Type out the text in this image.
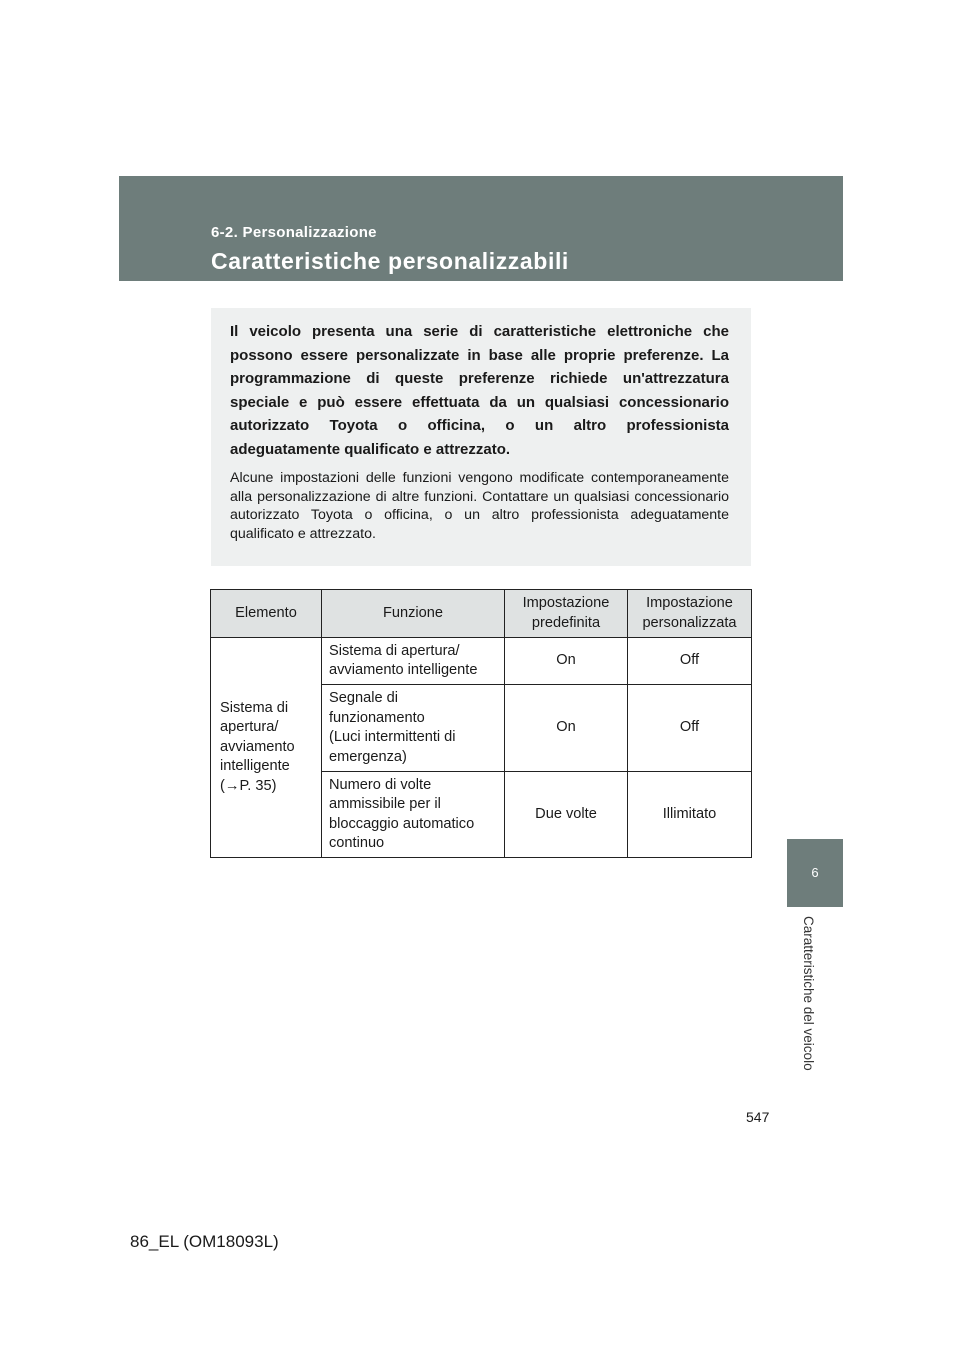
6-2. Personalizzazione
Caratteristiche personalizzabili

Il veicolo presenta una serie di caratteristiche elettroniche che possono essere personalizzate in base alle proprie preferenze. La programmazione di queste preferenze richiede un'attrezzatura speciale e può essere effettuata da un qualsiasi concessionario autorizzato Toyota o officina, o un altro professionista adeguatamente qualificato e attrezzato.

Alcune impostazioni delle funzioni vengono modificate contemporaneamente alla personalizzazione di altre funzioni. Contattare un qualsiasi concessionario autorizzato Toyota o officina, o un altro professionista adeguatamente qualificato e attrezzato.

Elemento	Funzione	Impostazione predefinita	Impostazione personalizzata
Sistema di
apertura/
avviamento
intelligente
(→P. 35)	Sistema di apertura/
avviamento intelligente	On	Off
	Segnale di
funzionamento
(Luci intermittenti di
emergenza)	On	Off
	Numero di volte
ammissibile per il
bloccaggio automatico
continuo	Due volte	Illimitato
6
Caratteristiche del veicolo
547
86_EL (OM18093L)
